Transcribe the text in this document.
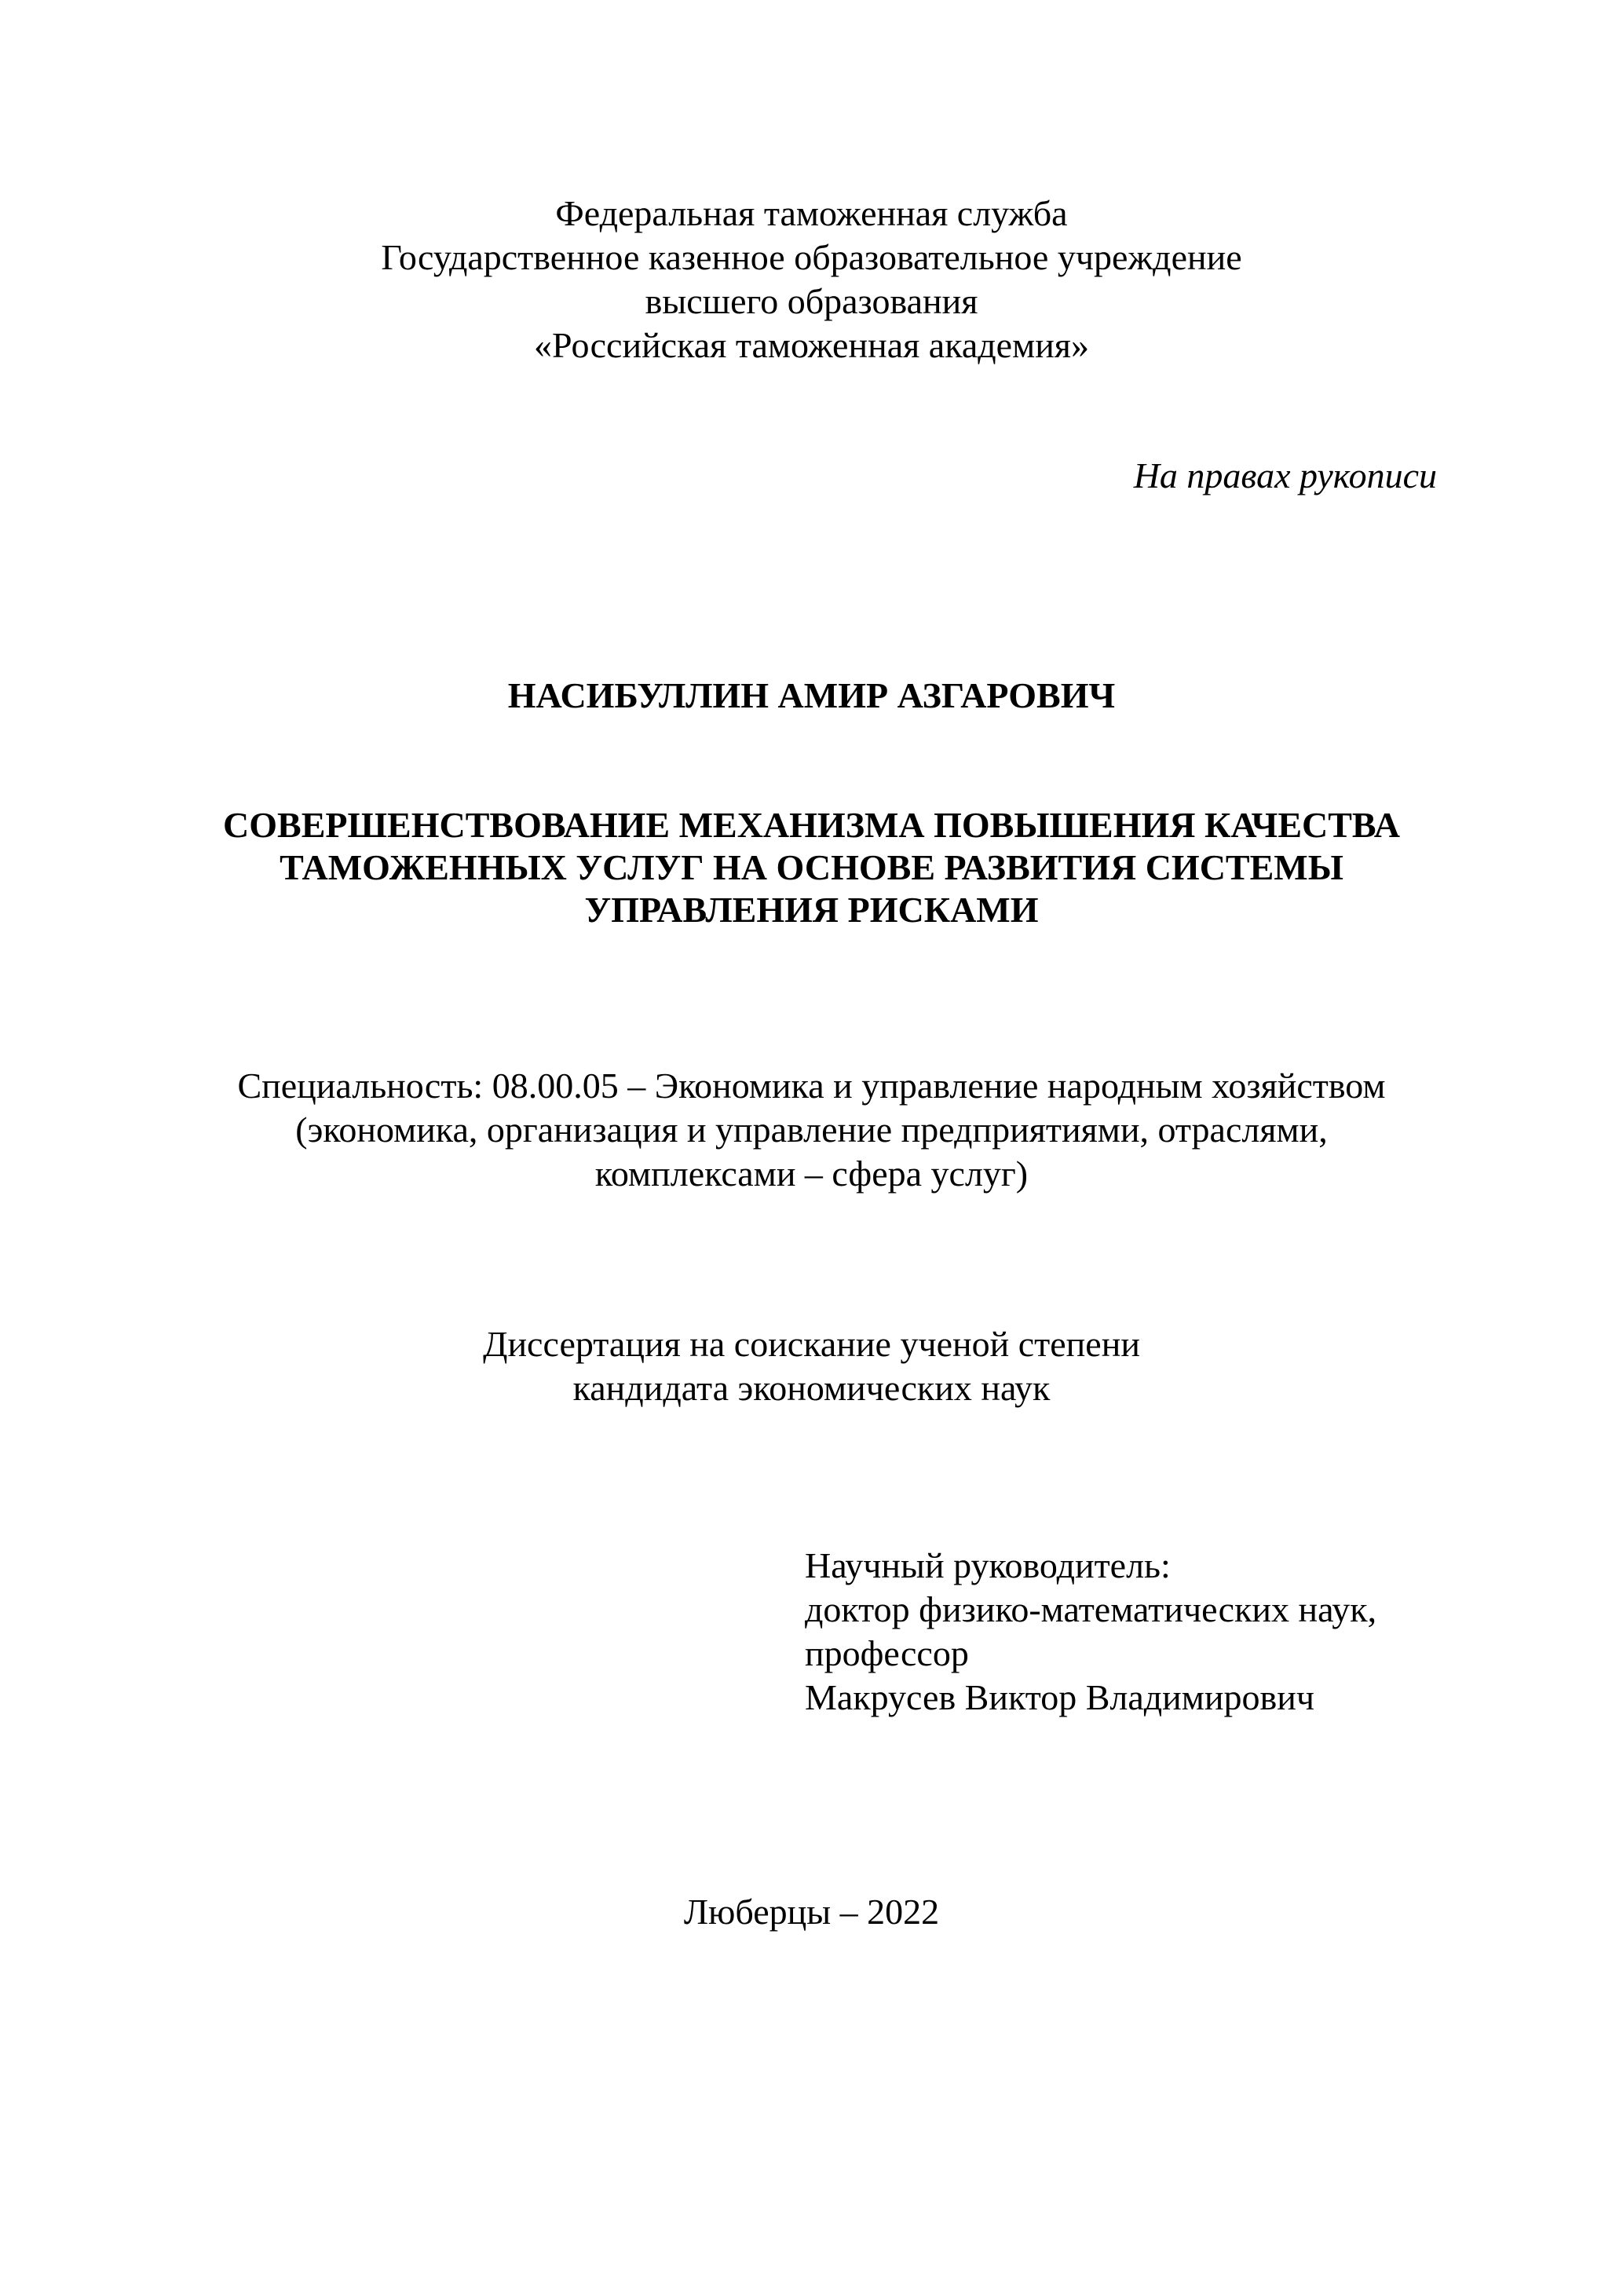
Федеральная таможенная служба
Государственное казенное образовательное учреждение
высшего образования
«Российская таможенная академия»
На правах рукописи
НАСИБУЛЛИН АМИР АЗГАРОВИЧ
СОВЕРШЕНСТВОВАНИЕ МЕХАНИЗМА ПОВЫШЕНИЯ КАЧЕСТВА
ТАМОЖЕННЫХ УСЛУГ НА ОСНОВЕ РАЗВИТИЯ СИСТЕМЫ
УПРАВЛЕНИЯ РИСКАМИ
Специальность: 08.00.05 – Экономика и управление народным хозяйством
(экономика, организация и управление предприятиями, отраслями,
комплексами – сфера услуг)
Диссертация на соискание ученой степени
кандидата экономических наук
Научный руководитель:
доктор физико-математических наук,
профессор
Макрусев Виктор Владимирович
Люберцы – 2022
